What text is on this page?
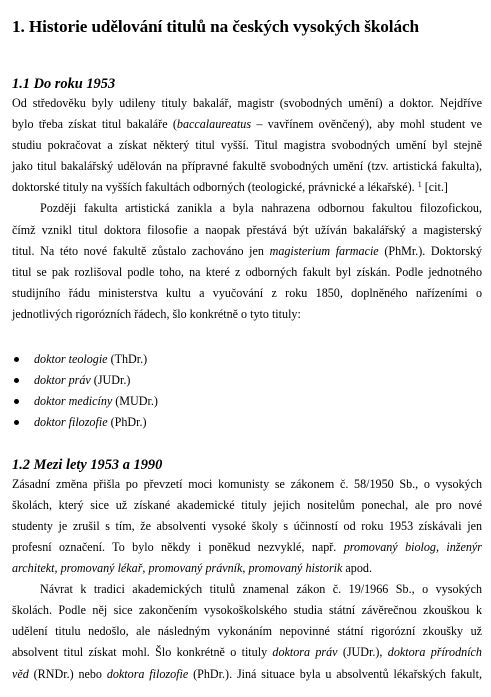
1. Historie udělování titulů na českých vysokých školách
1.1 Do roku 1953
Od středověku byly udileny tituly bakalář, magistr (svobodných umění) a doktor. Nejdříve
bylo třeba získat titul bakaláře (baccalaureatus – vavřínem ověnčený), aby mohl student ve
studiu pokračovat a získat některý titul vyšší. Titul magistra svobodných umění byl stejně
jako titul bakalářský udělován na přípravné fakultě svobodných umění (tzv. artistická fakulta),
doktorské tituly na vyšších fakultách odborných (teologické, právnické a lékařské). $^1$ [cit.]
Později fakulta artistická zanikla a byla nahrazena odbornou fakultou filozofickou,
čímž vznikl titul doktora filosofie a naopak přestává být užíván bakalářský a magisterský
titul. Na této nové fakultě zůstalo zachováno jen magisterium farmacie (PhMr.). Doktorský
titul se pak rozlišoval podle toho, na které z odborných fakult byl získán. Podle jednotného
studijního řádu ministerstva kultu a vyučování z roku 1850, doplněného nařízeními o
jednotlivých rigorózních řádech, šlo konkrétně o tyto tituly:
doktor teologie (ThDr.)
doktor práv (JUDr.)
doktor medicíny (MUDr.)
doktor filozofie (PhDr.)
1.2 Mezi lety 1953 a 1990
Zásadní změna přišla po převzetí moci komunisty se zákonem č. 58/1950 Sb., o vysokých
školách, který sice už získané akademické tituly jejich nositelům ponechal, ale pro nové
studenty je zrušil s tím, že absolventi vysoké školy s účinností od roku 1953 získávali jen
profesní označení. To bylo někdy i poněkud nezvyklé, např. promovaný biolog, inženýr
architekt, promovaný lékař, promovaný právník, promovaný historik apod.
Návrat k tradici akademických titulů znamenal zákon č. 19/1966 Sb., o vysokých
školách. Podle něj sice zakončením vysokoškolského studia státní závěrečnou zkouškou k
udělení titulu nedošlo, ale následným vykonáním nepovinné státní rigorózní zkoušky už
absolvent titul získat mohl. Šlo konkrétně o tituly doktora práv (JUDr.), doktora přírodních
věd (RNDr.) nebo doktora filozofie (PhDr.). Jiná situace byla u absolventů lékařských fakult,
